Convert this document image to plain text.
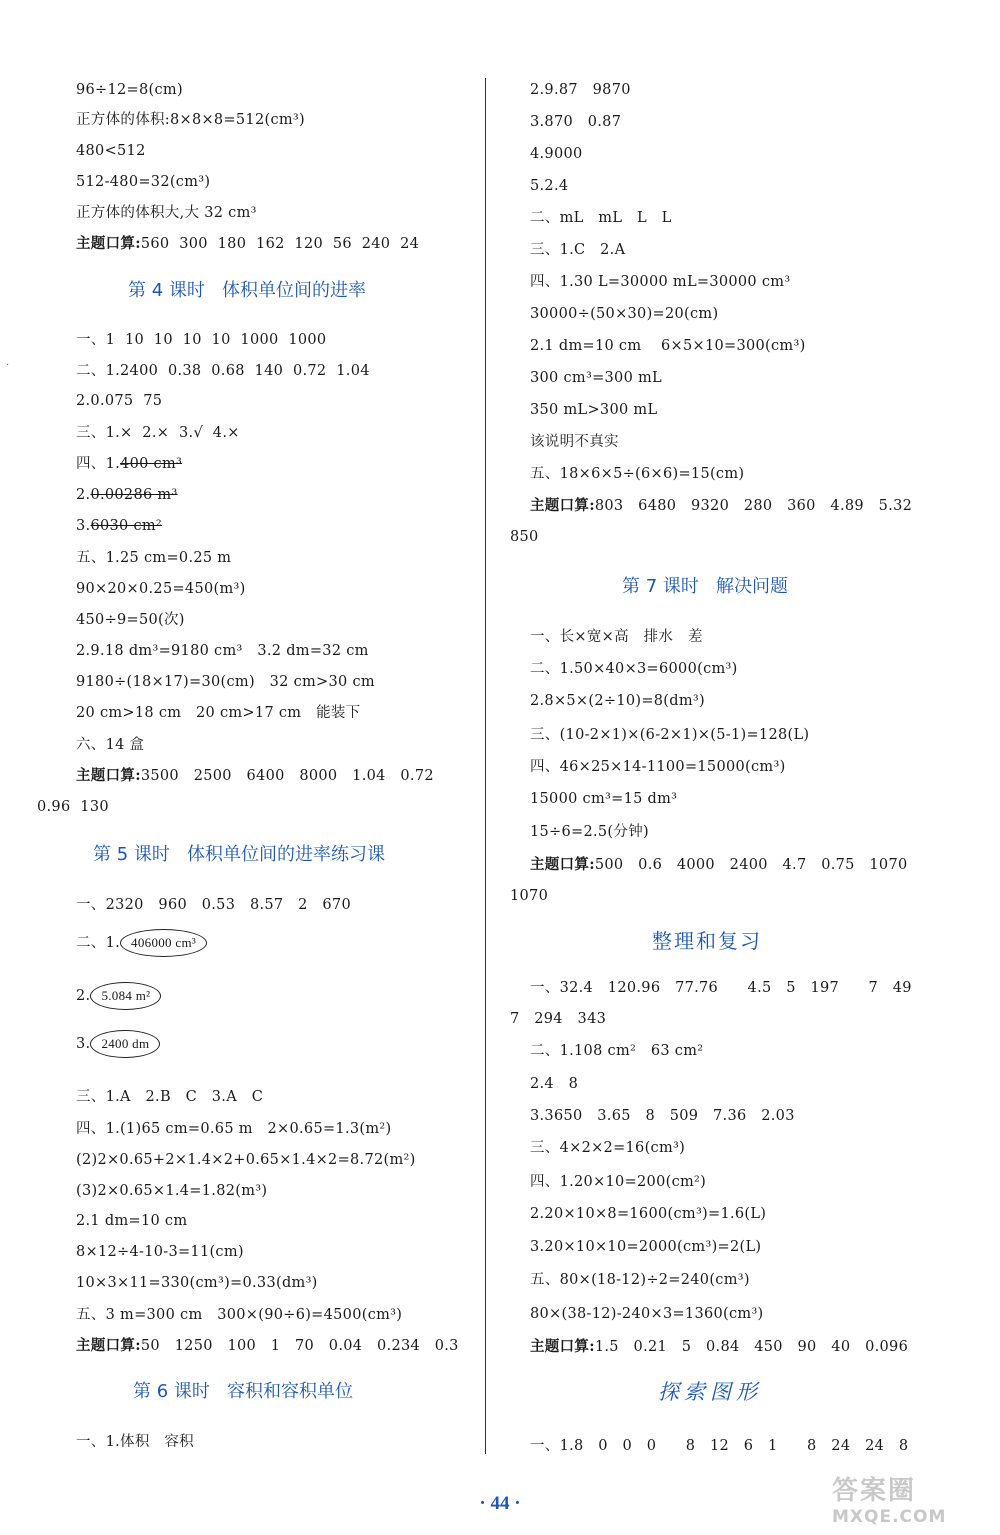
·
96÷12=8(cm)
正方体的体积:8×8×8=512(cm³)
480<512
512-480=32(cm³)
正方体的体积大,大 32 cm³
主题口算:560  300  180  162  120  56  240  24
第 4 课时   体积单位间的进率
一、1  10  10  10  10  1000  1000
二、1.2400  0.38  0.68  140  0.72  1.04
2.0.075  75
三、1.×  2.×  3.√  4.×
四、1.400 cm³
2.0.00286 m³
3.6030 cm²
五、1.25 cm=0.25 m
90×20×0.25=450(m³)
450÷9=50(次)
2.9.18 dm³=9180 cm³   3.2 dm=32 cm
9180÷(18×17)=30(cm)   32 cm>30 cm
20 cm>18 cm   20 cm>17 cm   能装下
六、14 盒
主题口算:3500   2500   6400   8000   1.04   0.72
0.96  130
第 5 课时   体积单位间的进率练习课
一、2320   960   0.53   8.57   2   670
二、1. 406000 cm³
2. 5.084 m²
3. 2400 dm
三、1.A   2.B   C   3.A   C
四、1.(1)65 cm=0.65 m   2×0.65=1.3(m²)
(2)2×0.65+2×1.4×2+0.65×1.4×2=8.72(m²)
(3)2×0.65×1.4=1.82(m³)
2.1 dm=10 cm
8×12÷4-10-3=11(cm)
10×3×11=330(cm³)=0.33(dm³)
五、3 m=300 cm   300×(90÷6)=4500(cm³)
主题口算:50   1250   100   1   70   0.04   0.234   0.3
第 6 课时   容积和容积单位
一、1.体积   容积
2.9.87   9870
3.870   0.87
4.9000
5.2.4
二、mL   mL   L   L
三、1.C   2.A
四、1.30 L=30000 mL=30000 cm³
30000÷(50×30)=20(cm)
2.1 dm=10 cm    6×5×10=300(cm³)
300 cm³=300 mL
350 mL>300 mL
该说明不真实
五、18×6×5÷(6×6)=15(cm)
主题口算:803   6480   9320   280   360   4.89   5.32
850
第 7 课时   解决问题
一、长×宽×高   排水   差
二、1.50×40×3=6000(cm³)
2.8×5×(2÷10)=8(dm³)
三、(10-2×1)×(6-2×1)×(5-1)=128(L)
四、46×25×14-1100=15000(cm³)
15000 cm³=15 dm³
15÷6=2.5(分钟)
主题口算:500   0.6   4000   2400   4.7   0.75   1070
1070
整理和复习
一、32.4   120.96   77.76      4.5   5   197      7   49
7   294   343
二、1.108 cm²   63 cm²
2.4   8
3.3650   3.65   8   509   7.36   2.03
三、4×2×2=16(cm³)
四、1.20×10=200(cm²)
2.20×10×8=1600(cm³)=1.6(L)
3.20×10×10=2000(cm³)=2(L)
五、80×(18-12)÷2=240(cm³)
80×(38-12)-240×3=1360(cm³)
主题口算:1.5   0.21   5   0.84   450   90   40   0.096
探索图形
一、1.8   0   0   0      8   12   6   1      8   24   24   8
· 44 ·	答案圈
MXQE.COM
